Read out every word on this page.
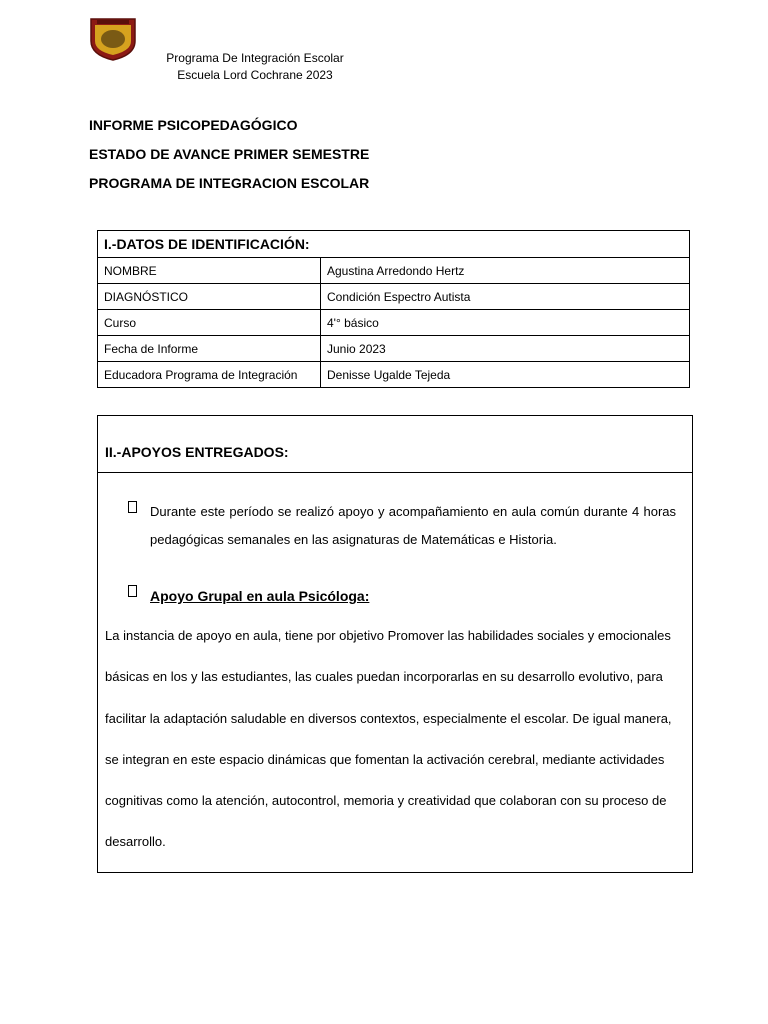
Programa De Integración Escolar
Escuela Lord Cochrane 2023
INFORME PSICOPEDAGÓGICO
ESTADO DE AVANCE PRIMER SEMESTRE
PROGRAMA DE INTEGRACION ESCOLAR
I.-DATOS DE IDENTIFICACIÓN:	
NOMBRE	Agustina Arredondo Hertz
DIAGNÓSTICO	Condición Espectro Autista
Curso	4'° básico
Fecha de Informe	Junio 2023
Educadora Programa de Integración	Denisse Ugalde Tejeda
II.-APOYOS ENTREGADOS:
Durante este período se realizó apoyo y acompañamiento en aula común durante 4 horas pedagógicas semanales en las asignaturas de Matemáticas e Historia.
Apoyo Grupal en aula Psicóloga:
La instancia de apoyo en aula, tiene por objetivo Promover las habilidades sociales y emocionales básicas en los y las estudiantes, las cuales puedan incorporarlas en su desarrollo evolutivo, para facilitar la adaptación saludable en diversos contextos, especialmente el escolar. De igual manera, se integran en este espacio dinámicas que fomentan la activación cerebral, mediante actividades cognitivas como la atención, autocontrol, memoria y creatividad que colaboran con su proceso de desarrollo.
